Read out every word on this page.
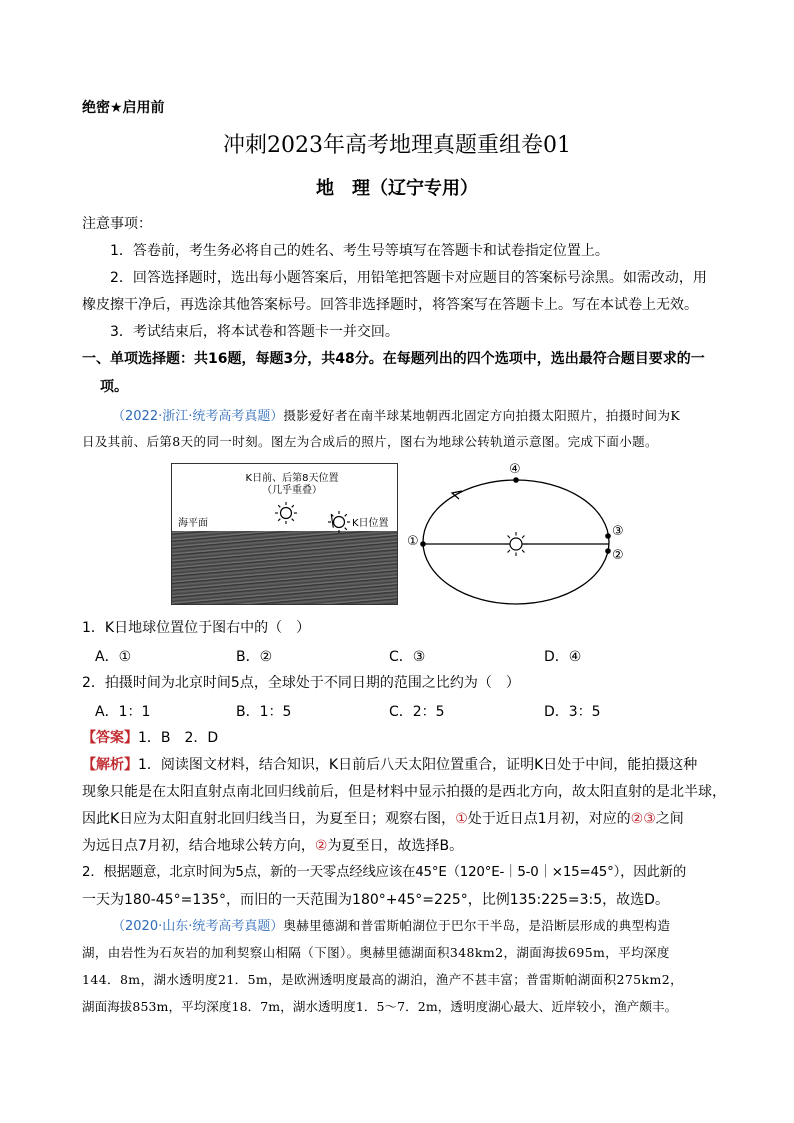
绝密★启用前
冲刺2023年高考地理真题重组卷01
地　理（辽宁专用）
注意事项：
1．答卷前，考生务必将自己的姓名、考生号等填写在答题卡和试卷指定位置上。
2．回答选择题时，选出每小题答案后，用铅笔把答题卡对应题目的答案标号涂黑。如需改动，用
橡皮擦干净后，再选涂其他答案标号。回答非选择题时，将答案写在答题卡上。写在本试卷上无效。
3．考试结束后，将本试卷和答题卡一并交回。
一、单项选择题：共16题，每题3分，共48分。在每题列出的四个选项中，选出最符合题目要求的一
项。
（2022·浙江·统考高考真题）摄影爱好者在南半球某地朝西北固定方向拍摄太阳照片，拍摄时间为K
日及其前、后第8天的同一时刻。图左为合成后的照片，图右为地球公转轨道示意图。完成下面小题。
K日前、后第8天位置
（几乎重叠）
海平面	K日位置
①
④
③
②
1．K日地球位置位于图右中的（　）
A．①	B．②	C．③	D．④
2．拍摄时间为北京时间5点，全球处于不同日期的范围之比约为（　）
A．1：1	B．1：5	C．2：5	D．3：5
【答案】1．B　2．D
【解析】1．阅读图文材料，结合知识，K日前后八天太阳位置重合，证明K日处于中间，能拍摄这种
现象只能是在太阳直射点南北回归线前后，但是材料中显示拍摄的是西北方向，故太阳直射的是北半球，
因此K日应为太阳直射北回归线当日，为夏至日；观察右图，①处于近日点1月初，对应的②③之间
为远日点7月初，结合地球公转方向，②为夏至日，故选择B。
2．根据题意，北京时间为5点，新的一天零点经线应该在45°E（120°E-｜5-0｜×15=45°），因此新的
一天为180-45°=135°，而旧的一天范围为180°+45°=225°，比例135:225=3:5，故选D。
（2020·山东·统考高考真题）奥赫里德湖和普雷斯帕湖位于巴尔干半岛，是沿断层形成的典型构造
湖，由岩性为石灰岩的加利契察山相隔（下图）。奥赫里德湖面积348km2，湖面海拔695m，平均深度
144．8m，湖水透明度21．5m，是欧洲透明度最高的湖泊，渔产不甚丰富；普雷斯帕湖面积275km2，
湖面海拔853m，平均深度18．7m，湖水透明度1．5～7．2m，透明度湖心最大、近岸较小，渔产颇丰。
